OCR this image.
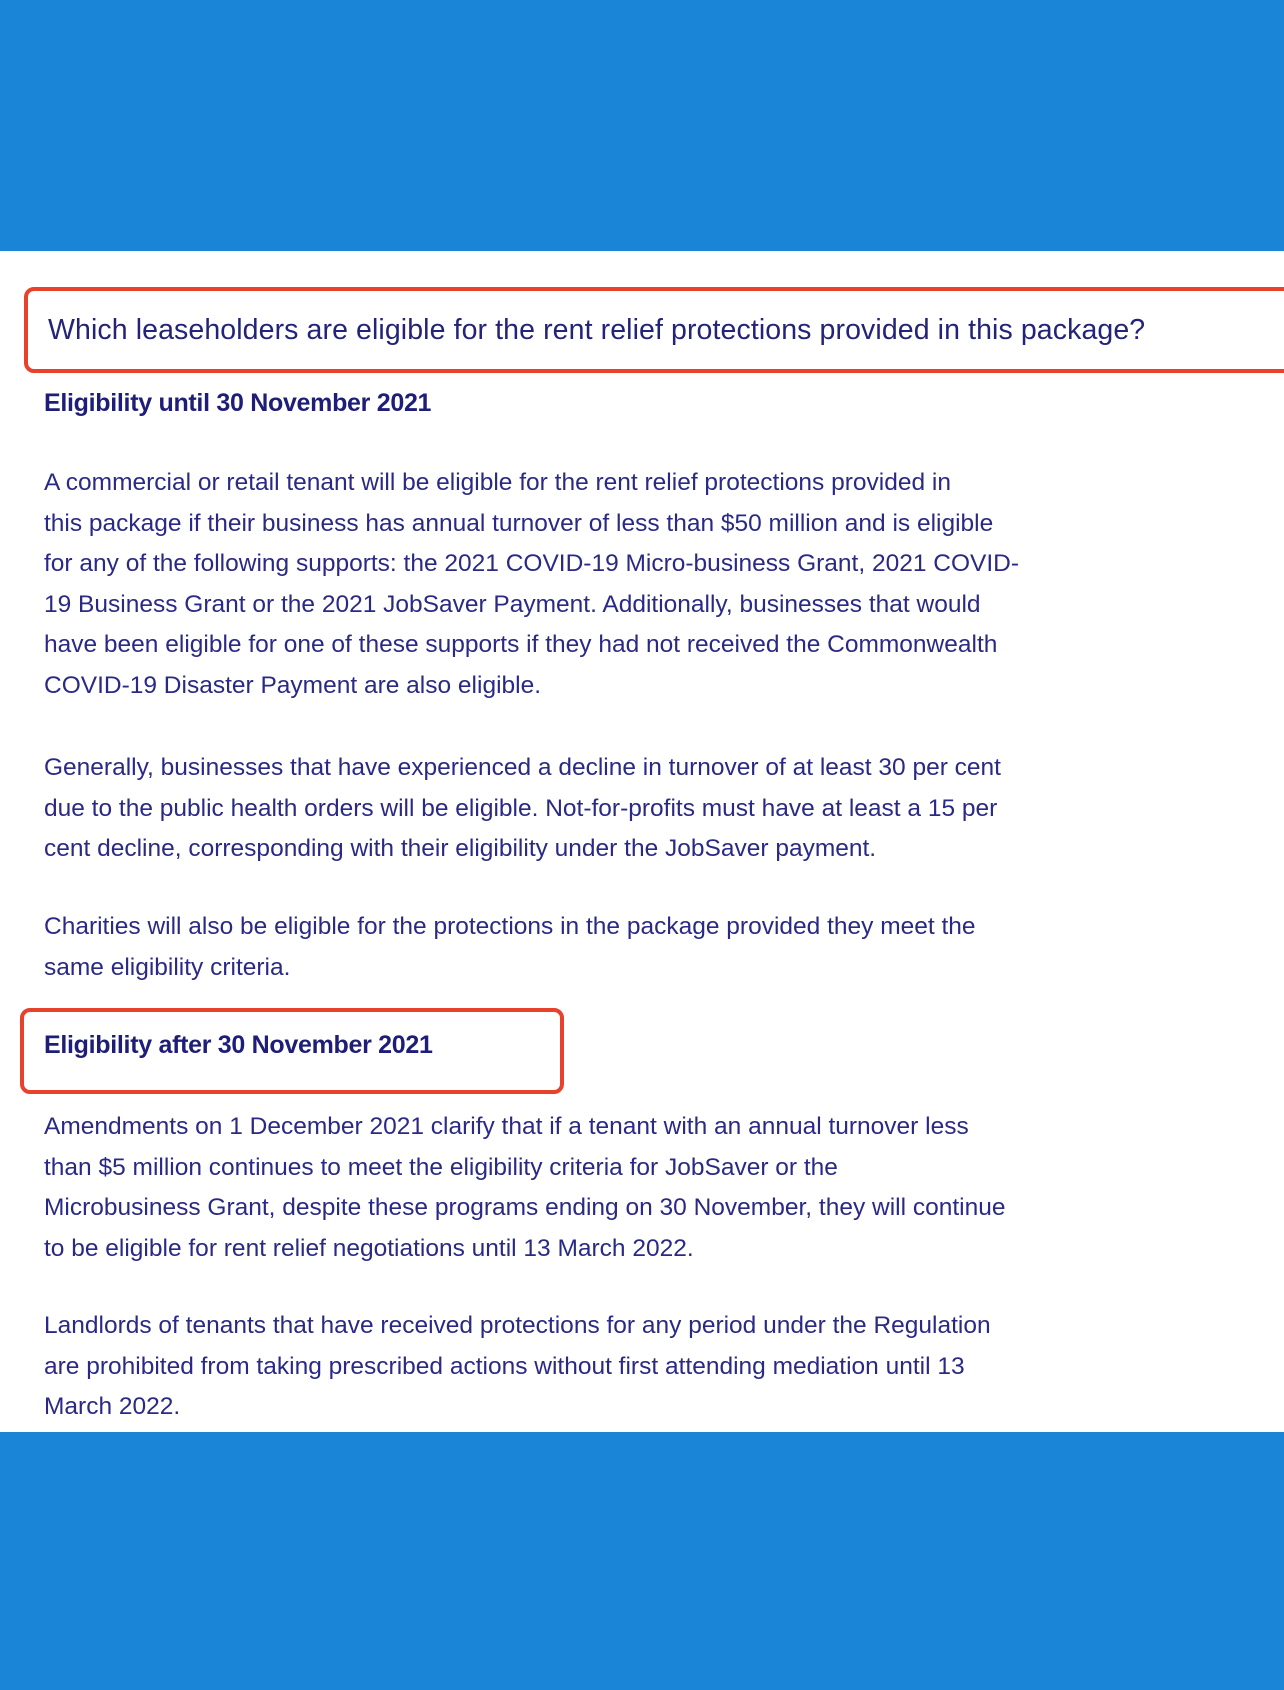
Which leaseholders are eligible for the rent relief protections provided in this package?
Eligibility until 30 November 2021
A commercial or retail tenant will be eligible for the rent relief protections provided in
this package if their business has annual turnover of less than $50 million and is eligible
for any of the following supports: the 2021 COVID-19 Micro-business Grant, 2021 COVID-
19 Business Grant or the 2021 JobSaver Payment. Additionally, businesses that would
have been eligible for one of these supports if they had not received the Commonwealth
COVID-19 Disaster Payment are also eligible.
Generally, businesses that have experienced a decline in turnover of at least 30 per cent
due to the public health orders will be eligible. Not-for-profits must have at least a 15 per
cent decline, corresponding with their eligibility under the JobSaver payment.
Charities will also be eligible for the protections in the package provided they meet the
same eligibility criteria.
Eligibility after 30 November 2021
Amendments on 1 December 2021 clarify that if a tenant with an annual turnover less
than $5 million continues to meet the eligibility criteria for JobSaver or the
Microbusiness Grant, despite these programs ending on 30 November, they will continue
to be eligible for rent relief negotiations until 13 March 2022.
Landlords of tenants that have received protections for any period under the Regulation
are prohibited from taking prescribed actions without first attending mediation until 13
March 2022.
